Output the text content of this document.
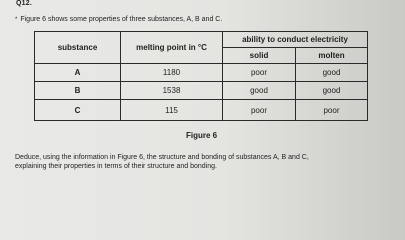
Q12.
* Figure 6 shows some properties of three substances, A, B and C.
substance	melting point in °C	ability to conduct electricity	
		solid	molten
A	1180	poor	good
B	1538	good	good
C	115	poor	poor
Figure 6
Deduce, using the information in Figure 6, the structure and bonding of substances A, B and C,
explaining their properties in terms of their structure and bonding.
